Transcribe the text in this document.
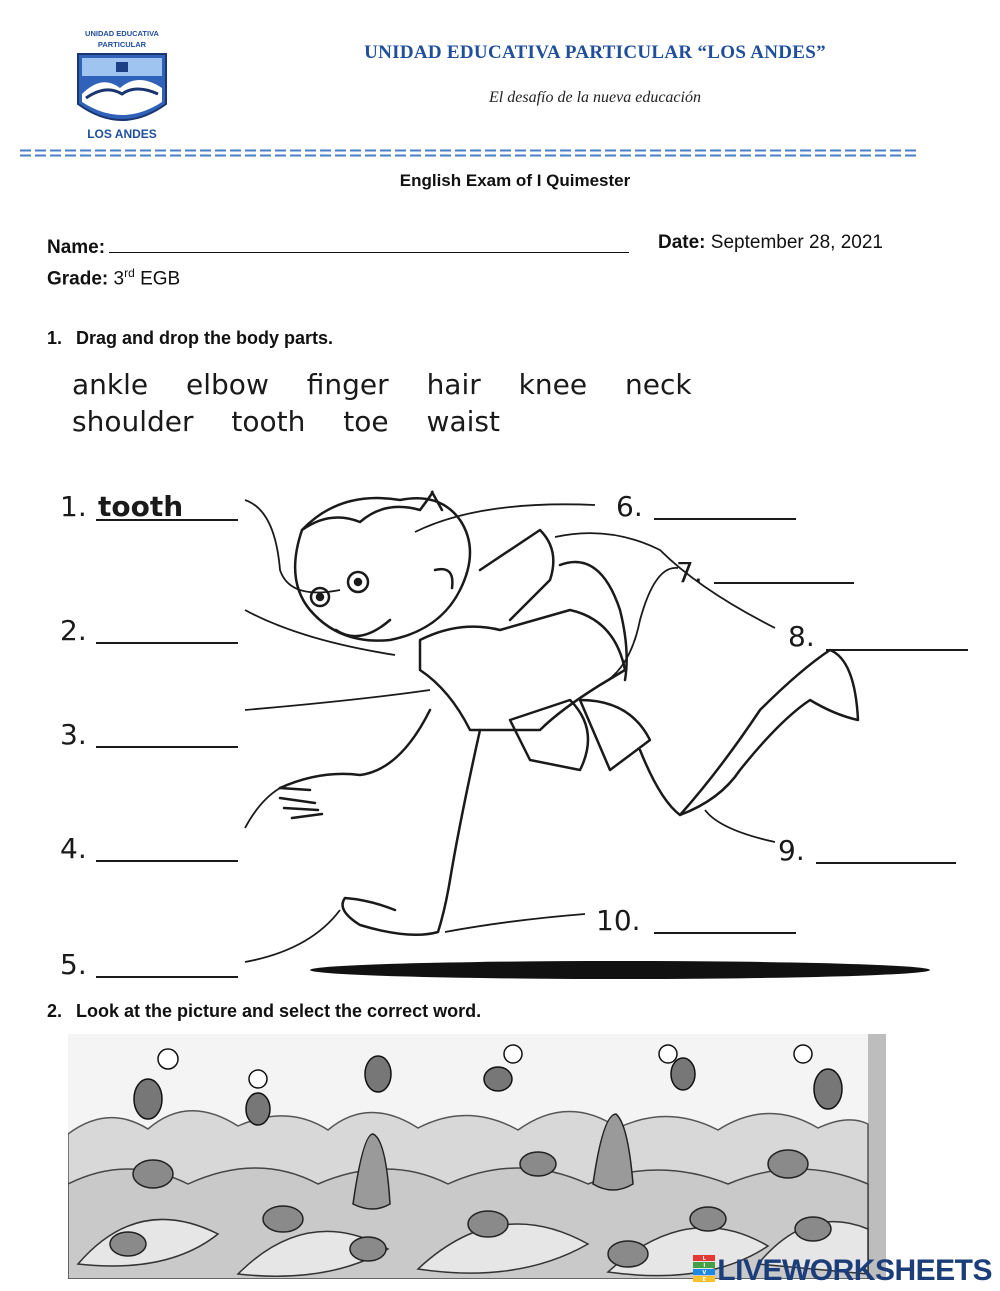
UNIDAD EDUCATIVA
PARTICULAR
LOS ANDES
UNIDAD EDUCATIVA PARTICULAR “LOS ANDES”
El desafío de la nueva educación
English Exam of I Quimester
Name:	Date: September 28, 2021
Grade: 3rd EGB
1. Drag and drop the body parts.
ankle elbow finger hair knee neck
shoulder tooth toe waist
1. tooth
2.
3.
4.
5.
6.
7.
8.
9.
10.
2. Look at the picture and select the correct word.
L
I
V
E LIVEWORKSHEETS
